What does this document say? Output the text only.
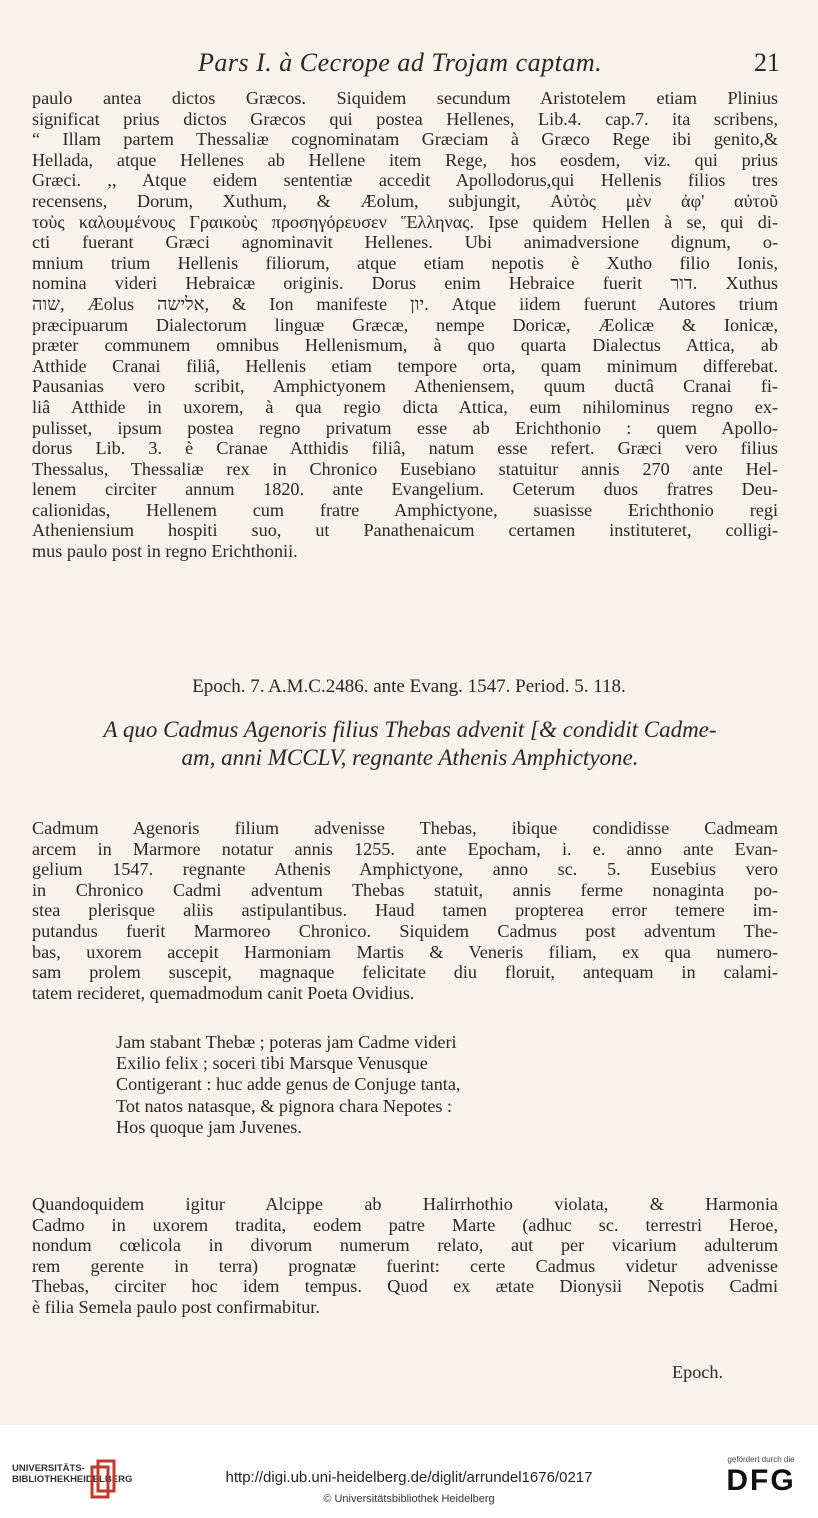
Pars I. à Cecrope ad Trojam captam.	21
paulo antea dictos Græcos. Siquidem secundum Aristotelem etiam Plinius
significat prius dictos Græcos qui postea Hellenes, Lib.4. cap.7. ita scribens,
“ Illam partem Thessaliæ cognominatam Græciam à Græco Rege ibi genito,&
Hellada, atque Hellenes ab Hellene item Rege, hos eosdem, viz. qui prius
Græci. ,, Atque eidem sententiæ accedit Apollodorus,qui Hellenis filios tres
recensens, Dorum, Xuthum, & Æolum, subjungit, Αὐτὸς μὲν ἀφ' αὐτοῦ
τοὺς καλουμένους Γραικοὺς προσηγόρευσεν Ἕλληνας. Ipse quidem Hellen à se, qui di-
cti fuerant Græci agnominavit Hellenes. Ubi animadversione dignum, o-
mnium trium Hellenis filiorum, atque etiam nepotis è Xutho filio Ionis,
nomina videri Hebraicæ originis. Dorus enim Hebraice fuerit דור. Xuthus
שוה, Æolus אלישה, & Ion manifeste יון. Atque iidem fuerunt Autores trium
præcipuarum Dialectorum linguæ Græcæ, nempe Doricæ, Æolicæ & Ionicæ,
præter communem omnibus Hellenismum, à quo quarta Dialectus Attica, ab
Atthide Cranai filiâ, Hellenis etiam tempore orta, quam minimum differebat.
Pausanias vero scribit, Amphictyonem Atheniensem, quum ductâ Cranai fi-
liâ Atthide in uxorem, à qua regio dicta Attica, eum nihilominus regno ex-
pulisset, ipsum postea regno privatum esse ab Erichthonio : quem Apollo-
dorus Lib. 3. è Cranae Atthidis filiâ, natum esse refert. Græci vero filius
Thessalus, Thessaliæ rex in Chronico Eusebiano statuitur annis 270 ante Hel-
lenem circiter annum 1820. ante Evangelium. Ceterum duos fratres Deu-
calionidas, Hellenem cum fratre Amphictyone, suasisse Erichthonio regi
Atheniensium hospiti suo, ut Panathenaicum certamen instituteret, colligi-
mus paulo post in regno Erichthonii.
Epoch. 7. A.M.C.2486. ante Evang. 1547. Period. 5. 118.
A quo Cadmus Agenoris filius Thebas advenit [& condidit Cadme-
am, anni MCCLV, regnante Athenis Amphictyone.
Cadmum Agenoris filium advenisse Thebas, ibique condidisse Cadmeam
arcem in Marmore notatur annis 1255. ante Epocham, i. e. anno ante Evan-
gelium 1547. regnante Athenis Amphictyone, anno sc. 5. Eusebius vero
in Chronico Cadmi adventum Thebas statuit, annis ferme nonaginta po-
stea plerisque aliis astipulantibus. Haud tamen propterea error temere im-
putandus fuerit Marmoreo Chronico. Siquidem Cadmus post adventum The-
bas, uxorem accepit Harmoniam Martis & Veneris filiam, ex qua numero-
sam prolem suscepit, magnaque felicitate diu floruit, antequam in calami-
tatem recideret, quemadmodum canit Poeta Ovidius.
Jam stabant Thebæ ; poteras jam Cadme videri
Exilio felix ; soceri tibi Marsque Venusque
Contigerant : huc adde genus de Conjuge tanta,
Tot natos natasque, & pignora chara Nepotes :
Hos quoque jam Juvenes.
Quandoquidem igitur Alcippe ab Halirrhothio violata, & Harmonia
Cadmo in uxorem tradita, eodem patre Marte (adhuc sc. terrestri Heroe,
nondum cœlicola in divorum numerum relato, aut per vicarium adulterum
rem gerente in terra) prognatæ fuerint: certe Cadmus videtur advenisse
Thebas, circiter hoc idem tempus. Quod ex ætate Dionysii Nepotis Cadmi
è filia Semela paulo post confirmabitur.
Epoch.
UNIVERSITÄTS-BIBLIOTHEKHEIDELBERG	http://digi.ub.uni-heidelberg.de/diglit/arrundel1676/0217
© Universitätsbibliothek Heidelberg
gefördert durch die
DFG
